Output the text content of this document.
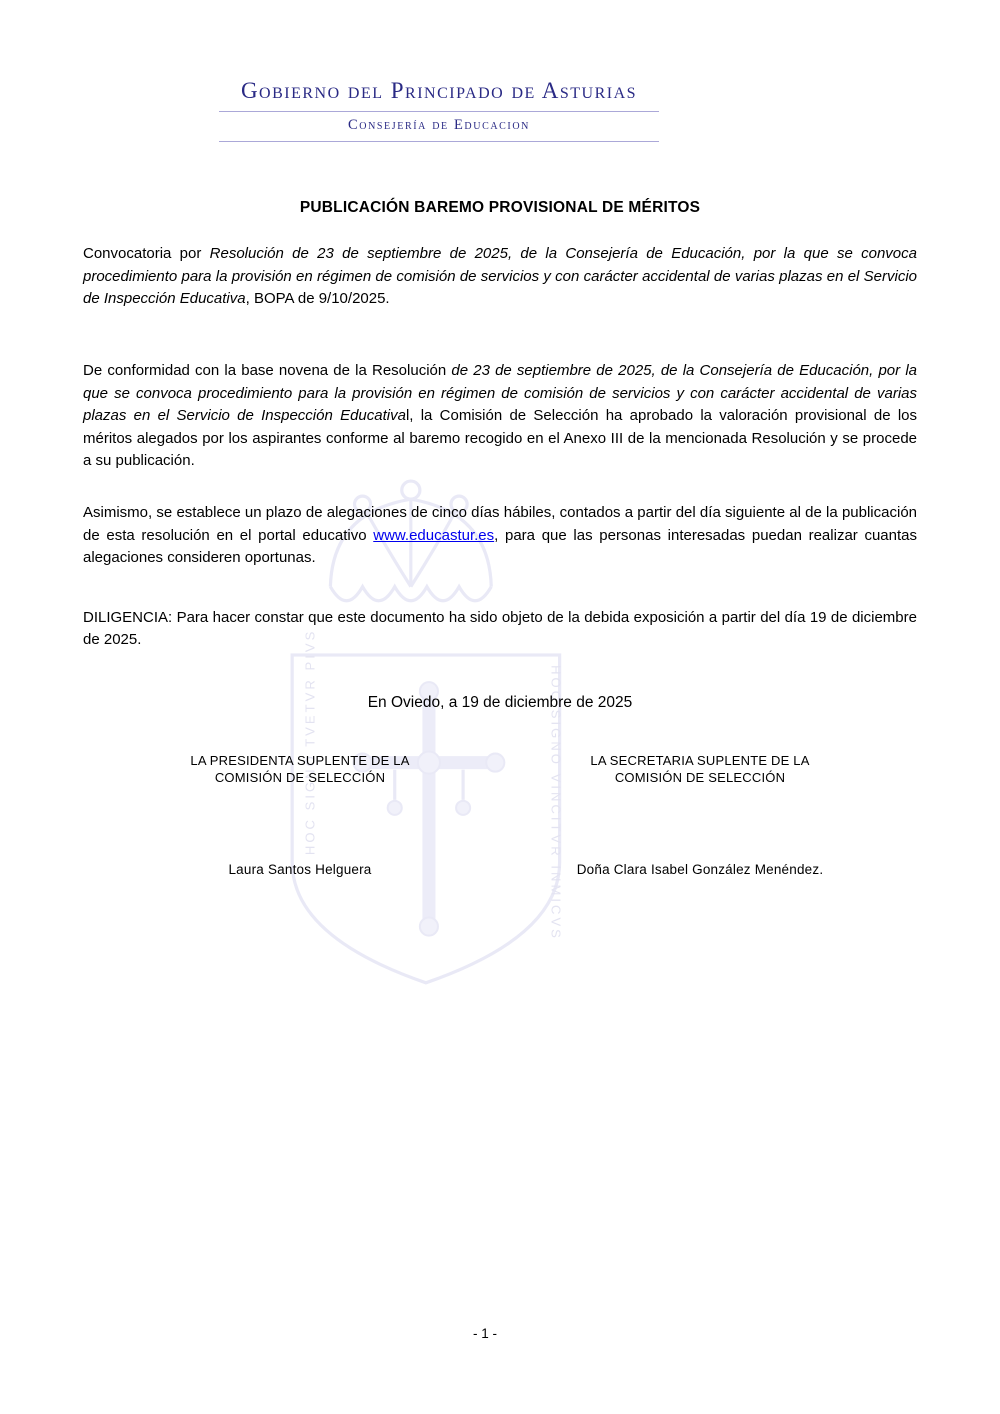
HOC SIGNO TVETVR PIVS	HOC SIGNO VINCITVR INMICVS
Gobierno del Principado de Asturias
Consejería de Educacion
PUBLICACIÓN BAREMO PROVISIONAL DE MÉRITOS

Convocatoria por Resolución de 23 de septiembre de 2025, de la Consejería de Educación, por la que se convoca procedimiento para la provisión en régimen de comisión de servicios y con carácter accidental de varias plazas en el Servicio de Inspección Educativa, BOPA de 9/10/2025.

De conformidad con la base novena de la Resolución de 23 de septiembre de 2025, de la Consejería de Educación, por la que se convoca procedimiento para la provisión en régimen de comisión de servicios y con carácter accidental de varias plazas en el Servicio de Inspección Educatival, la Comisión de Selección ha aprobado la valoración provisional de los méritos alegados por los aspirantes conforme al baremo recogido en el Anexo III de la mencionada Resolución y se procede a su publicación.

Asimismo, se establece un plazo de alegaciones de cinco días hábiles, contados a partir del día siguiente al de la publicación de esta resolución en el portal educativo www.educastur.es, para que las personas interesadas puedan realizar cuantas alegaciones consideren oportunas.

DILIGENCIA: Para hacer constar que este documento ha sido objeto de la debida exposición a partir del día 19 de diciembre de 2025.

En Oviedo, a 19 de diciembre de 2025
LA PRESIDENTA SUPLENTE DE LA
COMISIÓN DE SELECCIÓN
LA SECRETARIA SUPLENTE DE LA
COMISIÓN DE SELECCIÓN
Laura Santos Helguera	Doña Clara Isabel González Menéndez.
- 1 -
